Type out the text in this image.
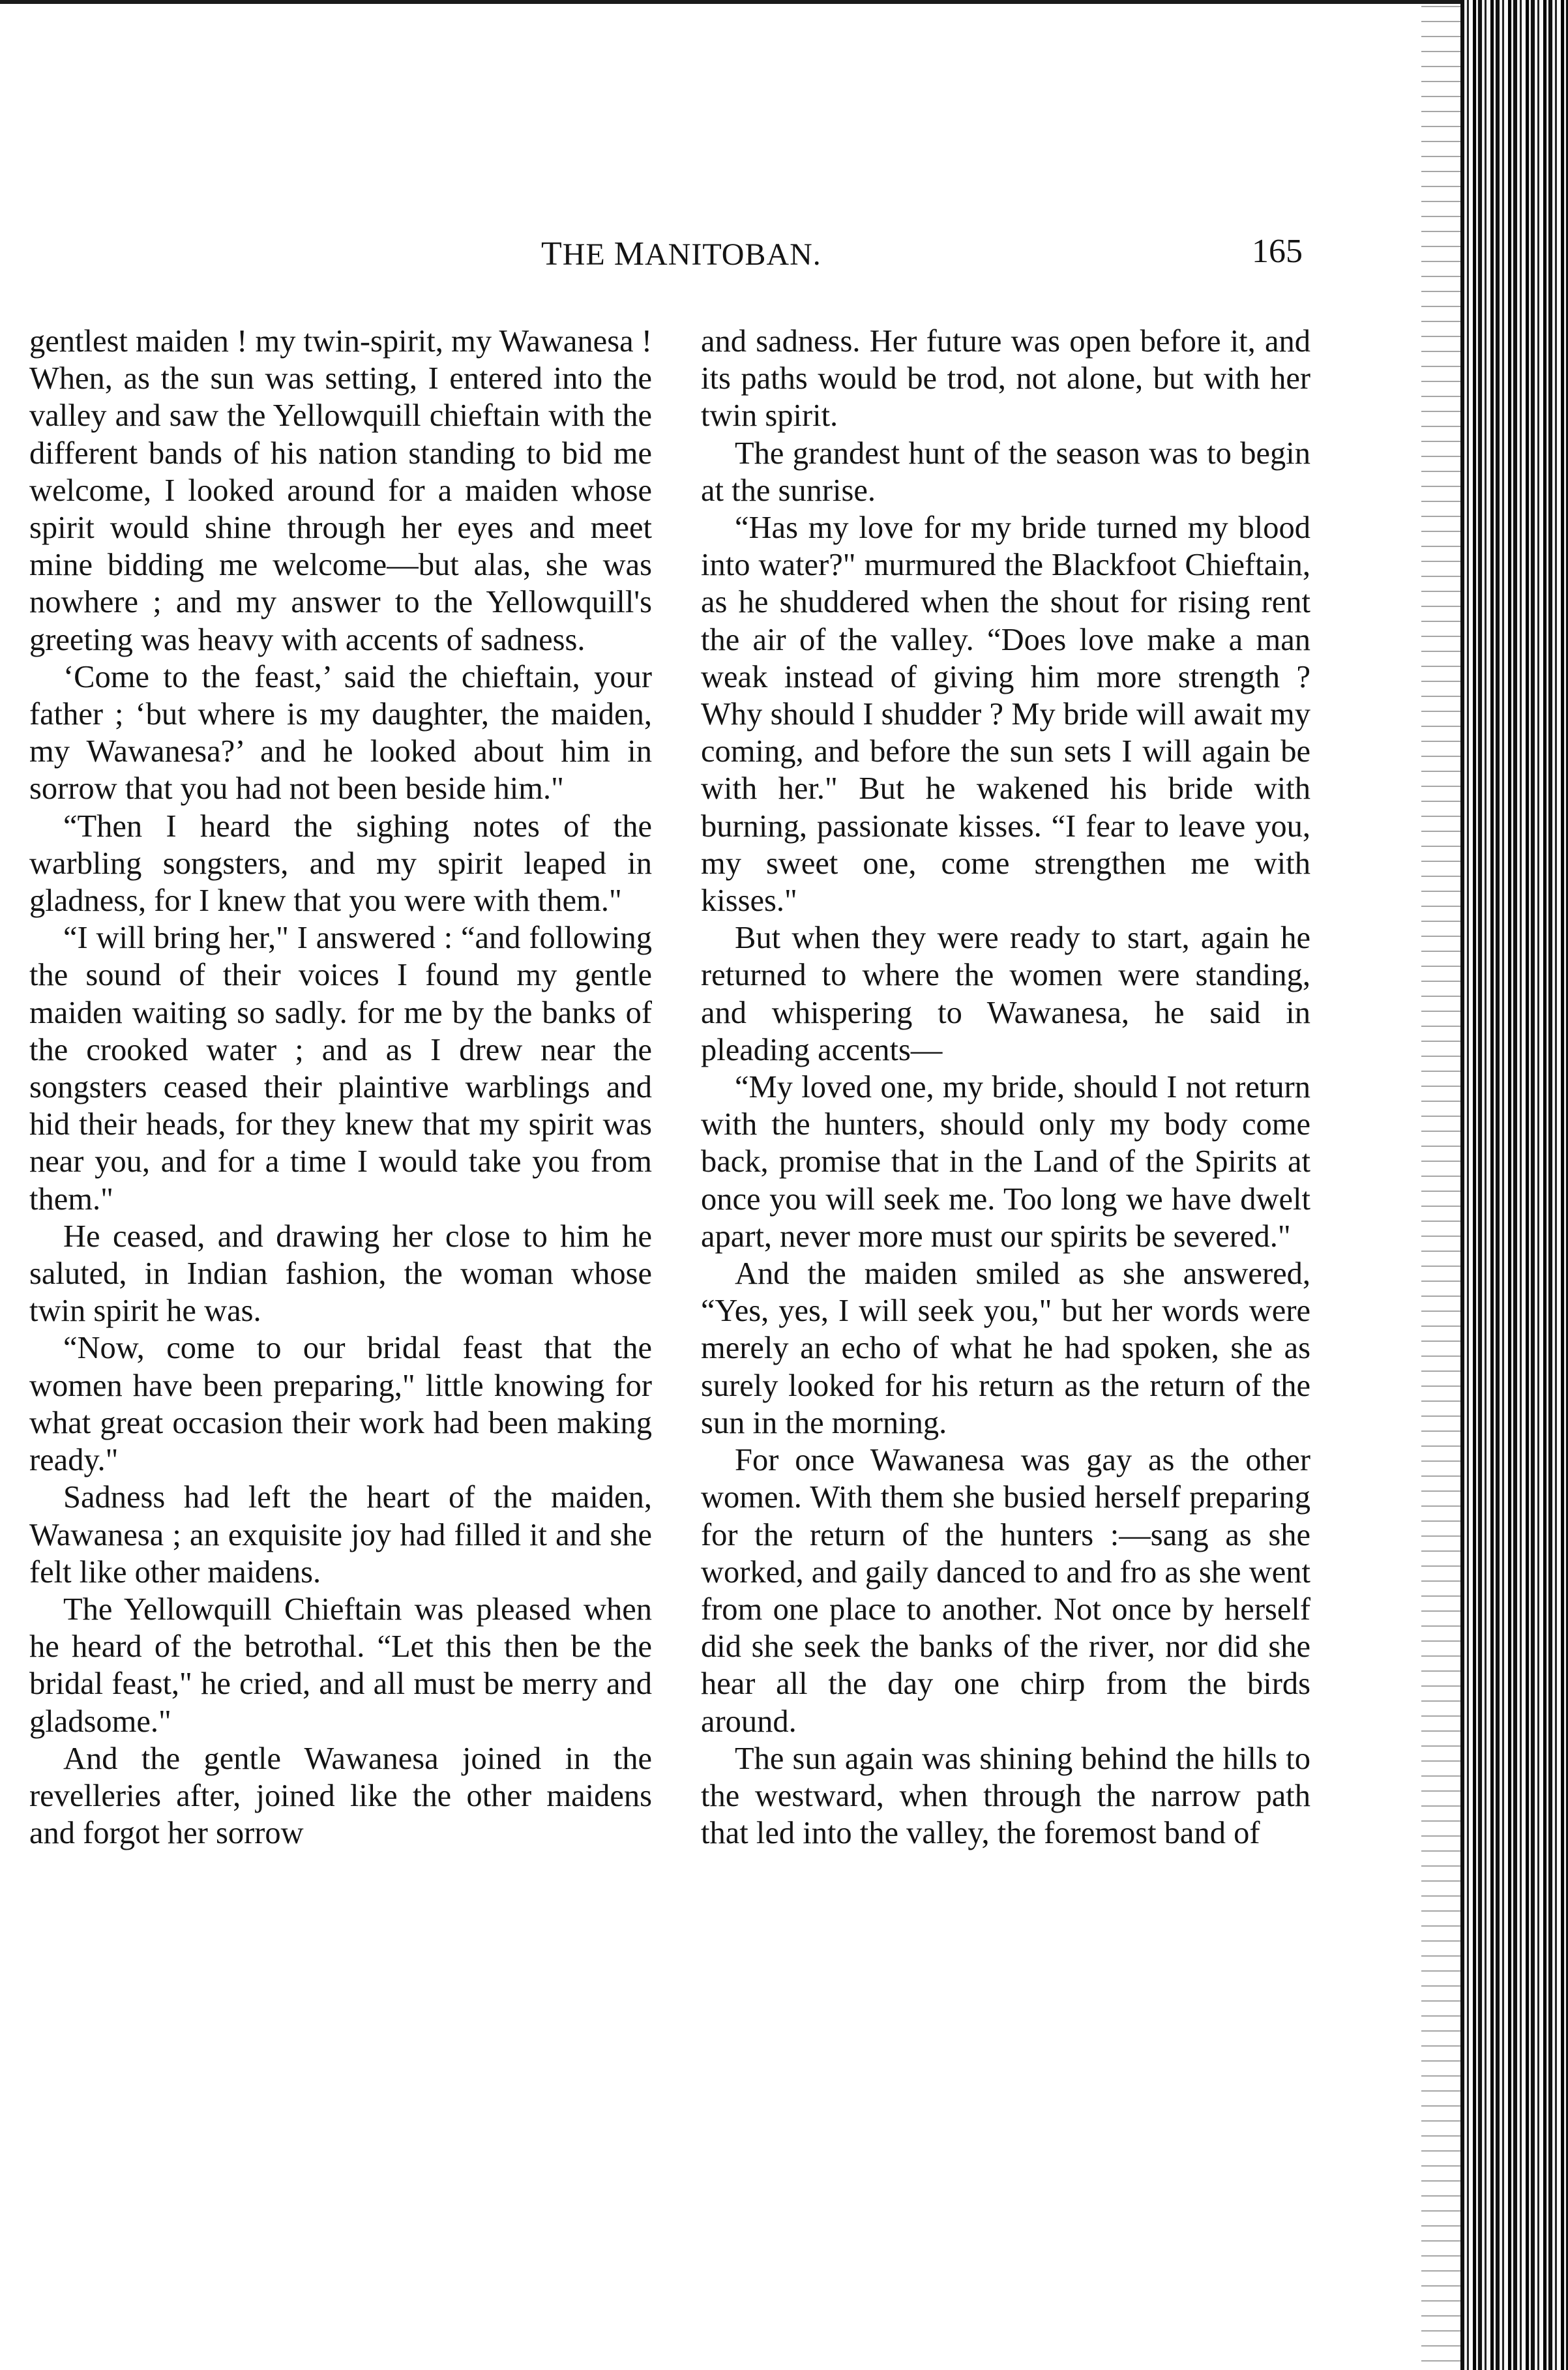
THE MANITOBAN.	165

gentlest maiden ! my twin-spirit, my Wawanesa ! When, as the sun was setting, I entered into the valley and saw the Yellowquill chieftain with the different bands of his nation standing to bid me welcome, I looked around for a maiden whose spirit would shine through her eyes and meet mine bidding me welcome—but alas, she was nowhere ; and my answer to the Yellowquill's greeting was heavy with accents of sadness.

‘Come to the feast,’ said the chieftain, your father ; ‘but where is my daughter, the maiden, my Wawanesa?’ and he looked about him in sorrow that you had not been beside him."

“Then I heard the sighing notes of the warbling songsters, and my spirit leaped in gladness, for I knew that you were with them."

“I will bring her," I answered : “and following the sound of their voices I found my gentle maiden waiting so sadly. for me by the banks of the crooked water ; and as I drew near the songsters ceased their plaintive warblings and hid their heads, for they knew that my spirit was near you, and for a time I would take you from them."

He ceased, and drawing her close to him he saluted, in Indian fashion, the woman whose twin spirit he was.

“Now, come to our bridal feast that the women have been preparing," little knowing for what great occasion their work had been making ready."

Sadness had left the heart of the maiden, Wawanesa ; an exquisite joy had filled it and she felt like other maidens.

The Yellowquill Chieftain was pleased when he heard of the betrothal. “Let this then be the bridal feast," he cried, and all must be merry and gladsome."

And the gentle Wawanesa joined in the revelleries after, joined like the other maidens and forgot her sorrow

and sadness. Her future was open before it, and its paths would be trod, not alone, but with her twin spirit.

The grandest hunt of the season was to begin at the sunrise.

“Has my love for my bride turned my blood into water?" murmured the Blackfoot Chieftain, as he shuddered when the shout for rising rent the air of the valley. “Does love make a man weak instead of giving him more strength ? Why should I shudder ? My bride will await my coming, and before the sun sets I will again be with her." But he wakened his bride with burning, passionate kisses. “I fear to leave you, my sweet one, come strengthen me with kisses."

But when they were ready to start, again he returned to where the women were standing, and whispering to Wawanesa, he said in pleading accents—

“My loved one, my bride, should I not return with the hunters, should only my body come back, promise that in the Land of the Spirits at once you will seek me. Too long we have dwelt apart, never more must our spirits be severed."

And the maiden smiled as she answered, “Yes, yes, I will seek you," but her words were merely an echo of what he had spoken, she as surely looked for his return as the return of the sun in the morning.

For once Wawanesa was gay as the other women. With them she busied herself preparing for the return of the hunters :—sang as she worked, and gaily danced to and fro as she went from one place to another. Not once by herself did she seek the banks of the river, nor did she hear all the day one chirp from the birds around.

The sun again was shining behind the hills to the westward, when through the narrow path that led into the valley, the foremost band of
